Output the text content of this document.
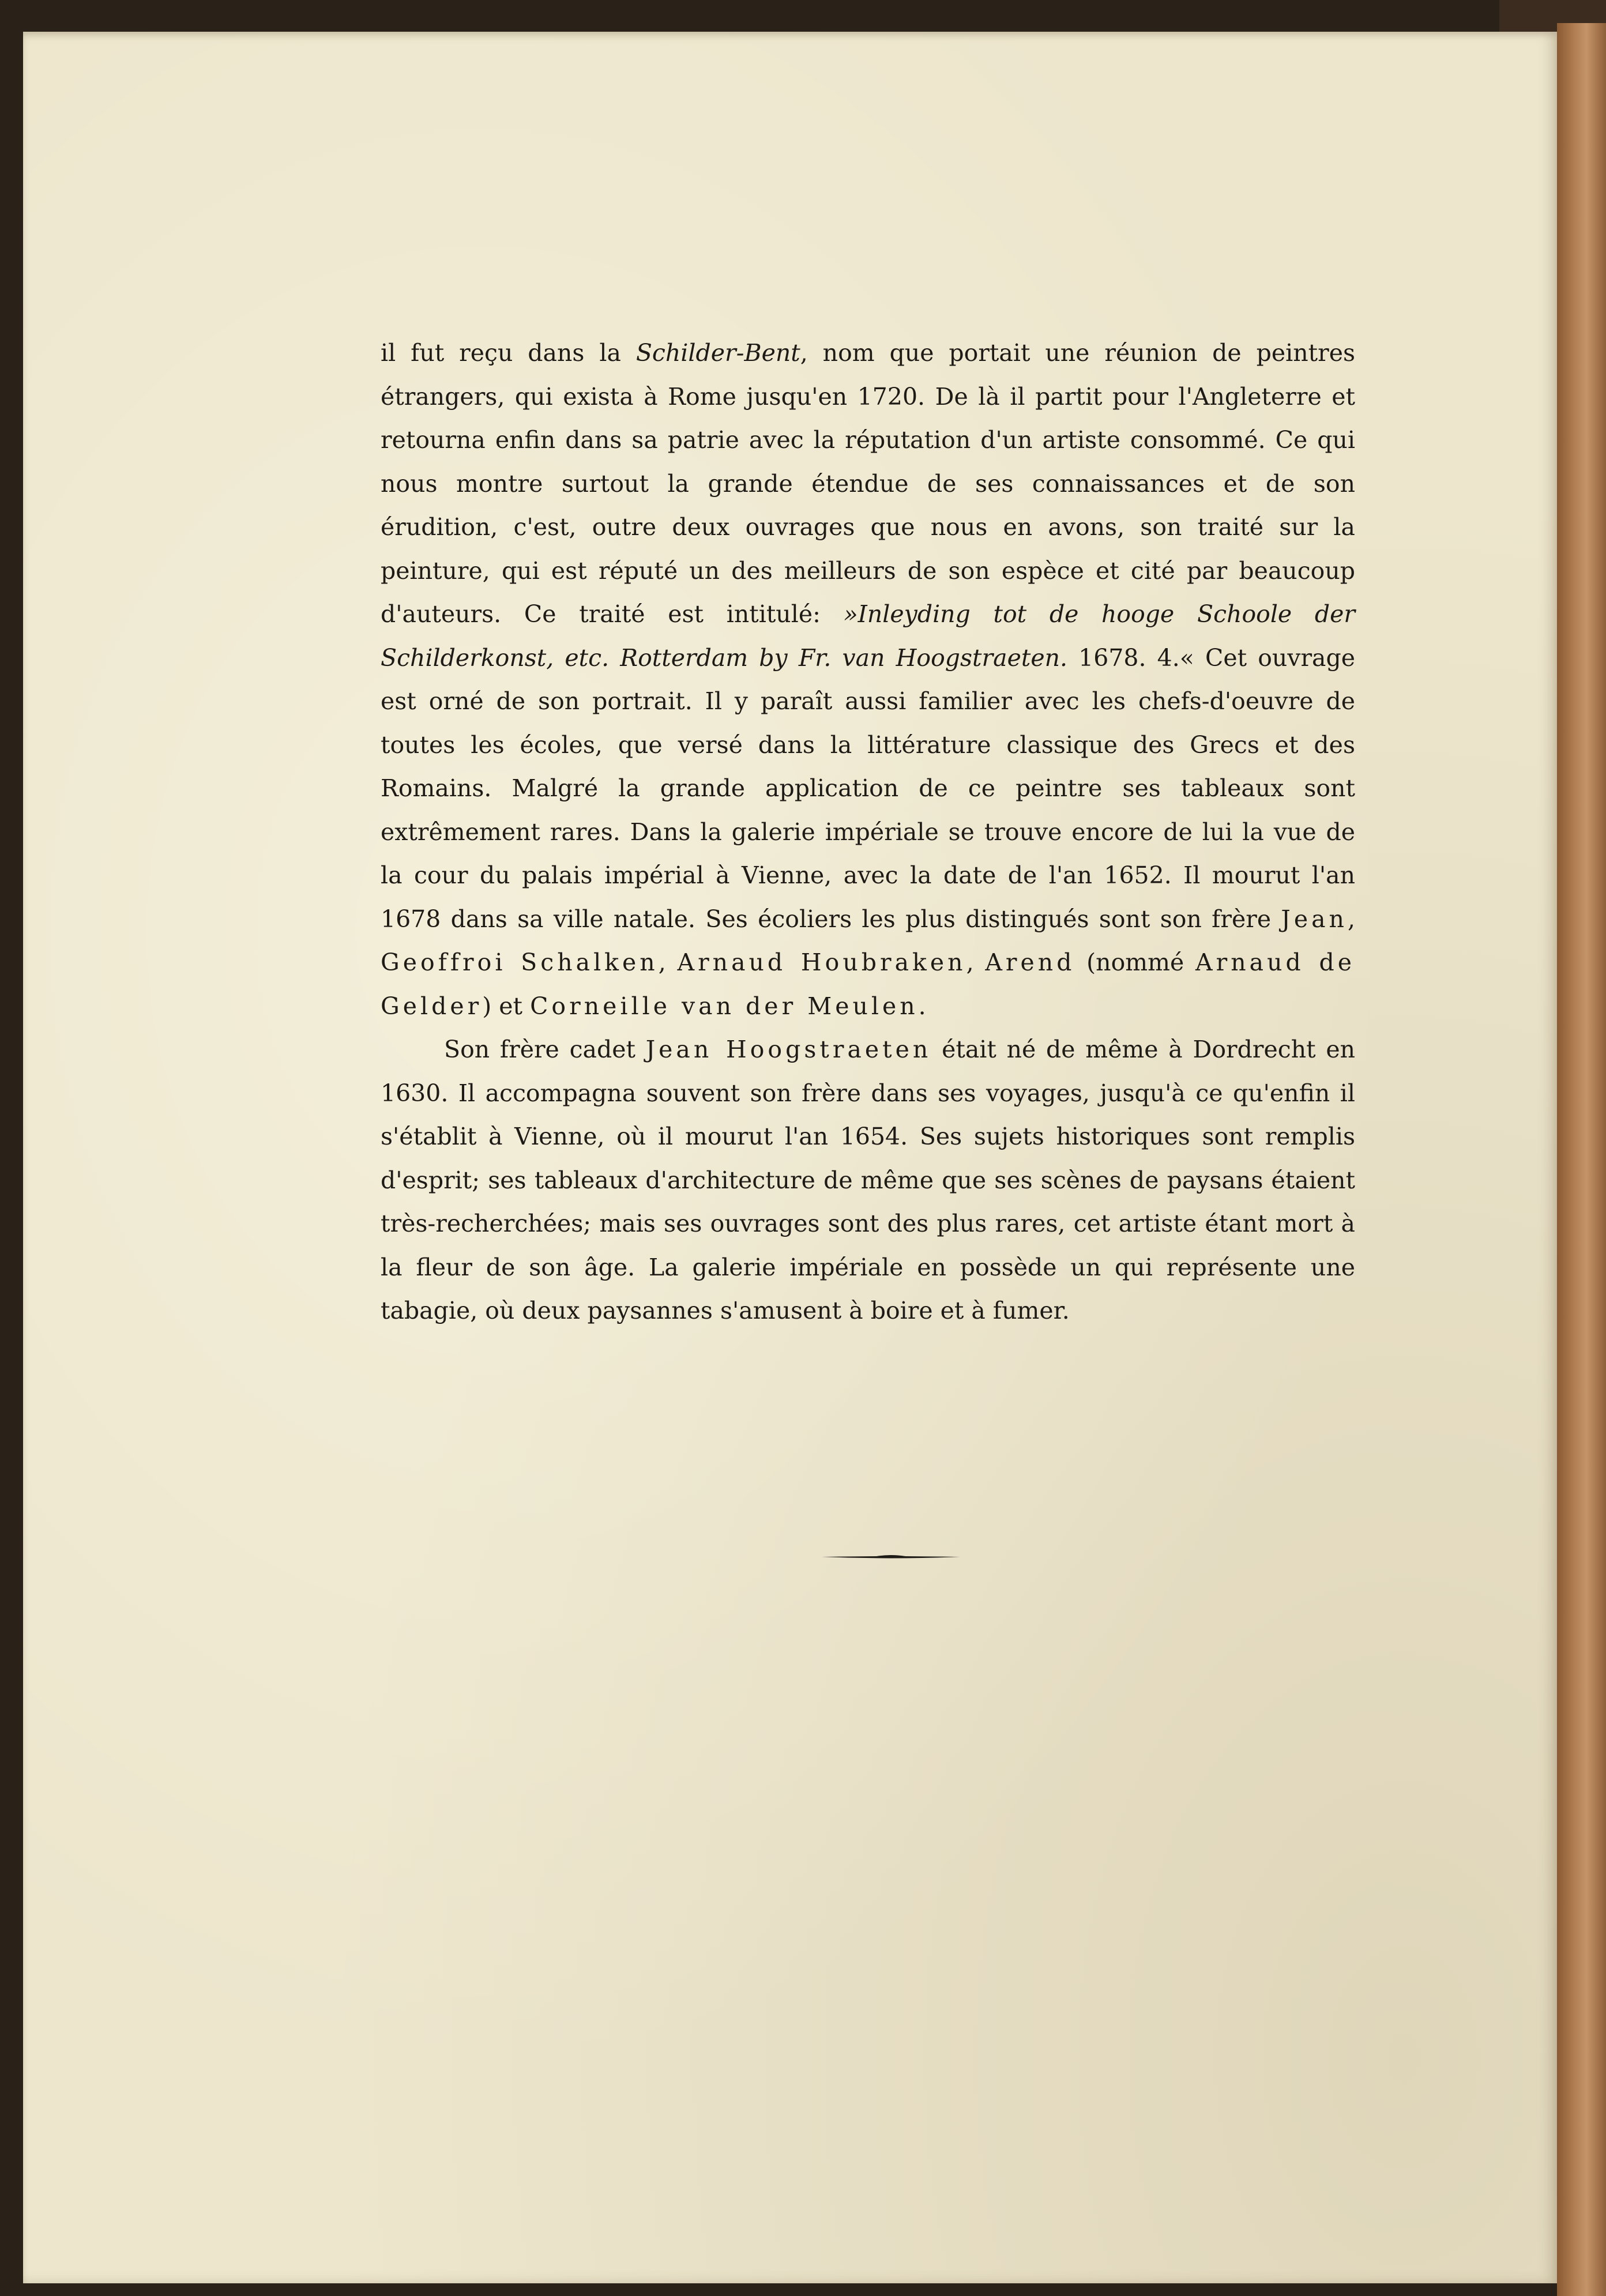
il fut reçu dans la Schilder-Bent, nom que portait une réunion de peintres étrangers, qui exista à Rome jusqu'en 1720. De là il partit pour l'Angleterre et retourna enfin dans sa patrie avec la réputation d'un artiste consommé. Ce qui nous montre surtout la grande étendue de ses connaissances et de son érudition, c'est, outre deux ouvrages que nous en avons, son traité sur la peinture, qui est réputé un des meilleurs de son espèce et cité par beaucoup d'auteurs. Ce traité est intitulé: »Inleyding tot de hooge Schoole der Schilderkonst, etc. Rotterdam by Fr. van Hoogstraeten. 1678. 4.« Cet ouvrage est orné de son portrait. Il y paraît aussi familier avec les chefs-d'oeuvre de toutes les écoles, que versé dans la littérature classique des Grecs et des Romains. Malgré la grande application de ce peintre ses tableaux sont extrêmement rares. Dans la galerie impériale se trouve encore de lui la vue de la cour du palais impérial à Vienne, avec la date de l'an 1652. Il mourut l'an 1678 dans sa ville natale. Ses écoliers les plus distingués sont son frère Jean, Geoffroi Schalken, Arnaud Houbraken, Arend (nommé Arnaud de Gelder) et Corneille van der Meulen.

Son frère cadet Jean Hoogstraeten était né de même à Dordrecht en 1630. Il accompagna souvent son frère dans ses voyages, jusqu'à ce qu'enfin il s'établit à Vienne, où il mourut l'an 1654. Ses sujets historiques sont remplis d'esprit; ses tableaux d'architecture de même que ses scènes de paysans étaient très-recherchées; mais ses ouvrages sont des plus rares, cet artiste étant mort à la fleur de son âge. La galerie impériale en possède un qui représente une tabagie, où deux paysannes s'amusent à boire et à fumer.
